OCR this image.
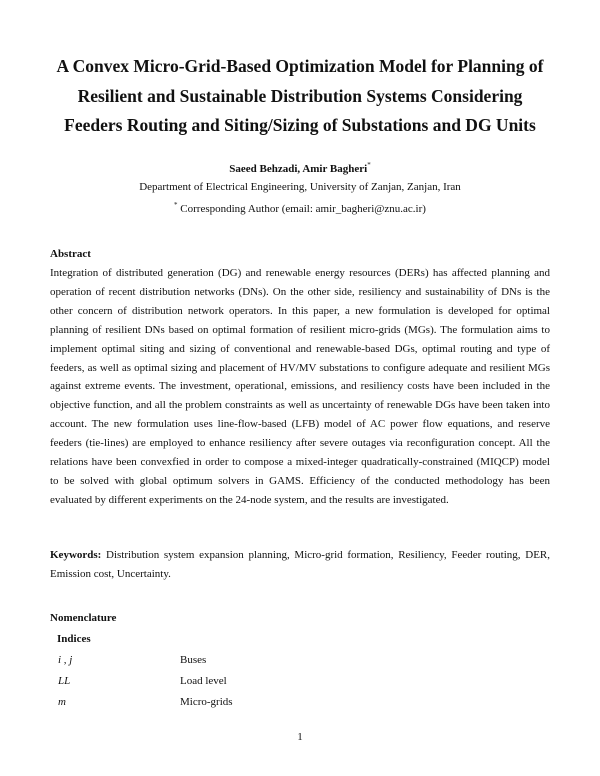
A Convex Micro-Grid-Based Optimization Model for Planning of
Resilient and Sustainable Distribution Systems Considering
Feeders Routing and Siting/Sizing of Substations and DG Units
Saeed Behzadi, Amir Bagheri*
Department of Electrical Engineering, University of Zanjan, Zanjan, Iran
* Corresponding Author (email: amir_bagheri@znu.ac.ir)
Abstract

Integration of distributed generation (DG) and renewable energy resources (DERs) has affected planning and operation of recent distribution networks (DNs). On the other side, resiliency and sustainability of DNs is the other concern of distribution network operators. In this paper, a new formulation is developed for optimal planning of resilient DNs based on optimal formation of resilient micro-grids (MGs). The formulation aims to implement optimal siting and sizing of conventional and renewable-based DGs, optimal routing and type of feeders, as well as optimal sizing and placement of HV/MV substations to configure adequate and resilient MGs against extreme events. The investment, operational, emissions, and resiliency costs have been included in the objective function, and all the problem constraints as well as uncertainty of renewable DGs have been taken into account. The new formulation uses line-flow-based (LFB) model of AC power flow equations, and reserve feeders (tie-lines) are employed to enhance resiliency after severe outages via reconfiguration concept. All the relations have been convexfied in order to compose a mixed-integer quadratically-constrained (MIQCP) model to be solved with global optimum solvers in GAMS. Efficiency of the conducted methodology has been evaluated by different experiments on the 24-node system, and the results are investigated.

Keywords: Distribution system expansion planning, Micro-grid formation, Resiliency, Feeder routing, DER, Emission cost, Uncertainty.
Nomenclature
Indices
i , j	Buses
LL	Load level
m	Micro-grids
1
